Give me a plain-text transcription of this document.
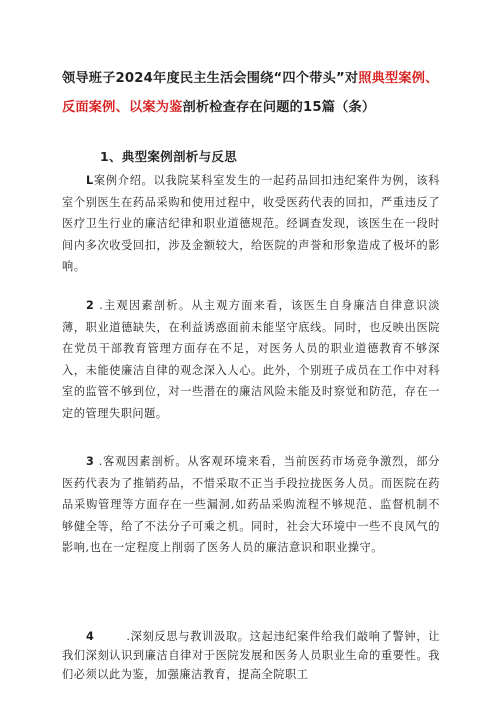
领导班子2024年度民主生活会围绕“四个带头”对照典型案例、反面案例、以案为鉴剖析检查存在问题的15篇（条）
1、典型案例剖析与反思

L案例介绍。以我院某科室发生的一起药品回扣违纪案件为例，该科室个别医生在药品采购和使用过程中，收受医药代表的回扣，严重违反了医疗卫生行业的廉洁纪律和职业道德规范。经调查发现，该医生在一段时间内多次收受回扣，涉及金额较大，给医院的声誉和形象造成了极坏的影响。

2 .主观因素剖析。从主观方面来看，该医生自身廉洁自律意识淡薄，职业道德缺失，在利益诱惑面前未能坚守底线。同时，也反映出医院在党员干部教育管理方面存在不足，对医务人员的职业道德教育不够深入，未能使廉洁自律的观念深入人心。此外，个别班子成员在工作中对科室的监管不够到位，对一些潜在的廉洁风险未能及时察觉和防范，存在一定的管理失职问题。

3 .客观因素剖析。从客观环境来看，当前医药市场竞争激烈，部分医药代表为了推销药品，不惜采取不正当手段拉拢医务人员。而医院在药品采购管理等方面存在一些漏洞,如药品采购流程不够规范、监督机制不够健全等，给了不法分子可乘之机。同时，社会大环境中一些不良风气的影响,也在一定程度上削弱了医务人员的廉洁意识和职业操守。

4	.深刻反思与教训汲取。这起违纪案件给我们敲响了警钟，让我们深刻认识到廉洁自律对于医院发展和医务人员职业生命的重要性。我们必须以此为鉴，加强廉洁教育，提高全院职工
